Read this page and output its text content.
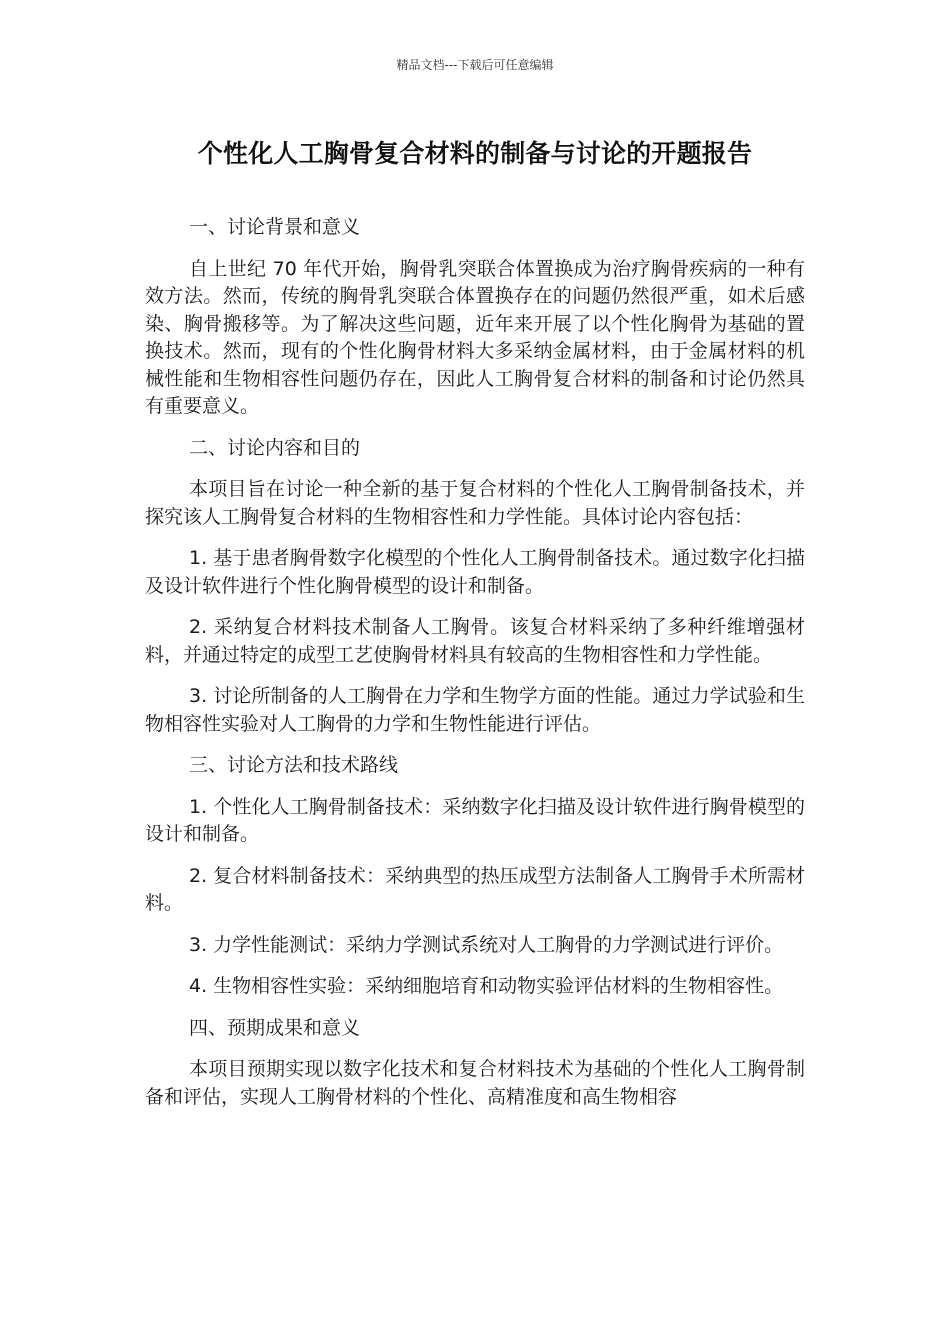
精品文档---下载后可任意编辑
个性化人工胸骨复合材料的制备与讨论的开题报告

一、讨论背景和意义

自上世纪 70 年代开始，胸骨乳突联合体置换成为治疗胸骨疾病的一种有效方法。然而，传统的胸骨乳突联合体置换存在的问题仍然很严重，如术后感染、胸骨搬移等。为了解决这些问题，近年来开展了以个性化胸骨为基础的置换技术。然而，现有的个性化胸骨材料大多采纳金属材料，由于金属材料的机械性能和生物相容性问题仍存在，因此人工胸骨复合材料的制备和讨论仍然具有重要意义。

二、讨论内容和目的

本项目旨在讨论一种全新的基于复合材料的个性化人工胸骨制备技术，并探究该人工胸骨复合材料的生物相容性和力学性能。具体讨论内容包括：

1. 基于患者胸骨数字化模型的个性化人工胸骨制备技术。通过数字化扫描及设计软件进行个性化胸骨模型的设计和制备。

2. 采纳复合材料技术制备人工胸骨。该复合材料采纳了多种纤维增强材料，并通过特定的成型工艺使胸骨材料具有较高的生物相容性和力学性能。

3. 讨论所制备的人工胸骨在力学和生物学方面的性能。通过力学试验和生物相容性实验对人工胸骨的力学和生物性能进行评估。

三、讨论方法和技术路线

1. 个性化人工胸骨制备技术：采纳数字化扫描及设计软件进行胸骨模型的设计和制备。

2. 复合材料制备技术：采纳典型的热压成型方法制备人工胸骨手术所需材料。

3. 力学性能测试：采纳力学测试系统对人工胸骨的力学测试进行评价。

4. 生物相容性实验：采纳细胞培育和动物实验评估材料的生物相容性。

四、预期成果和意义

本项目预期实现以数字化技术和复合材料技术为基础的个性化人工胸骨制备和评估，实现人工胸骨材料的个性化、高精准度和高生物相容
